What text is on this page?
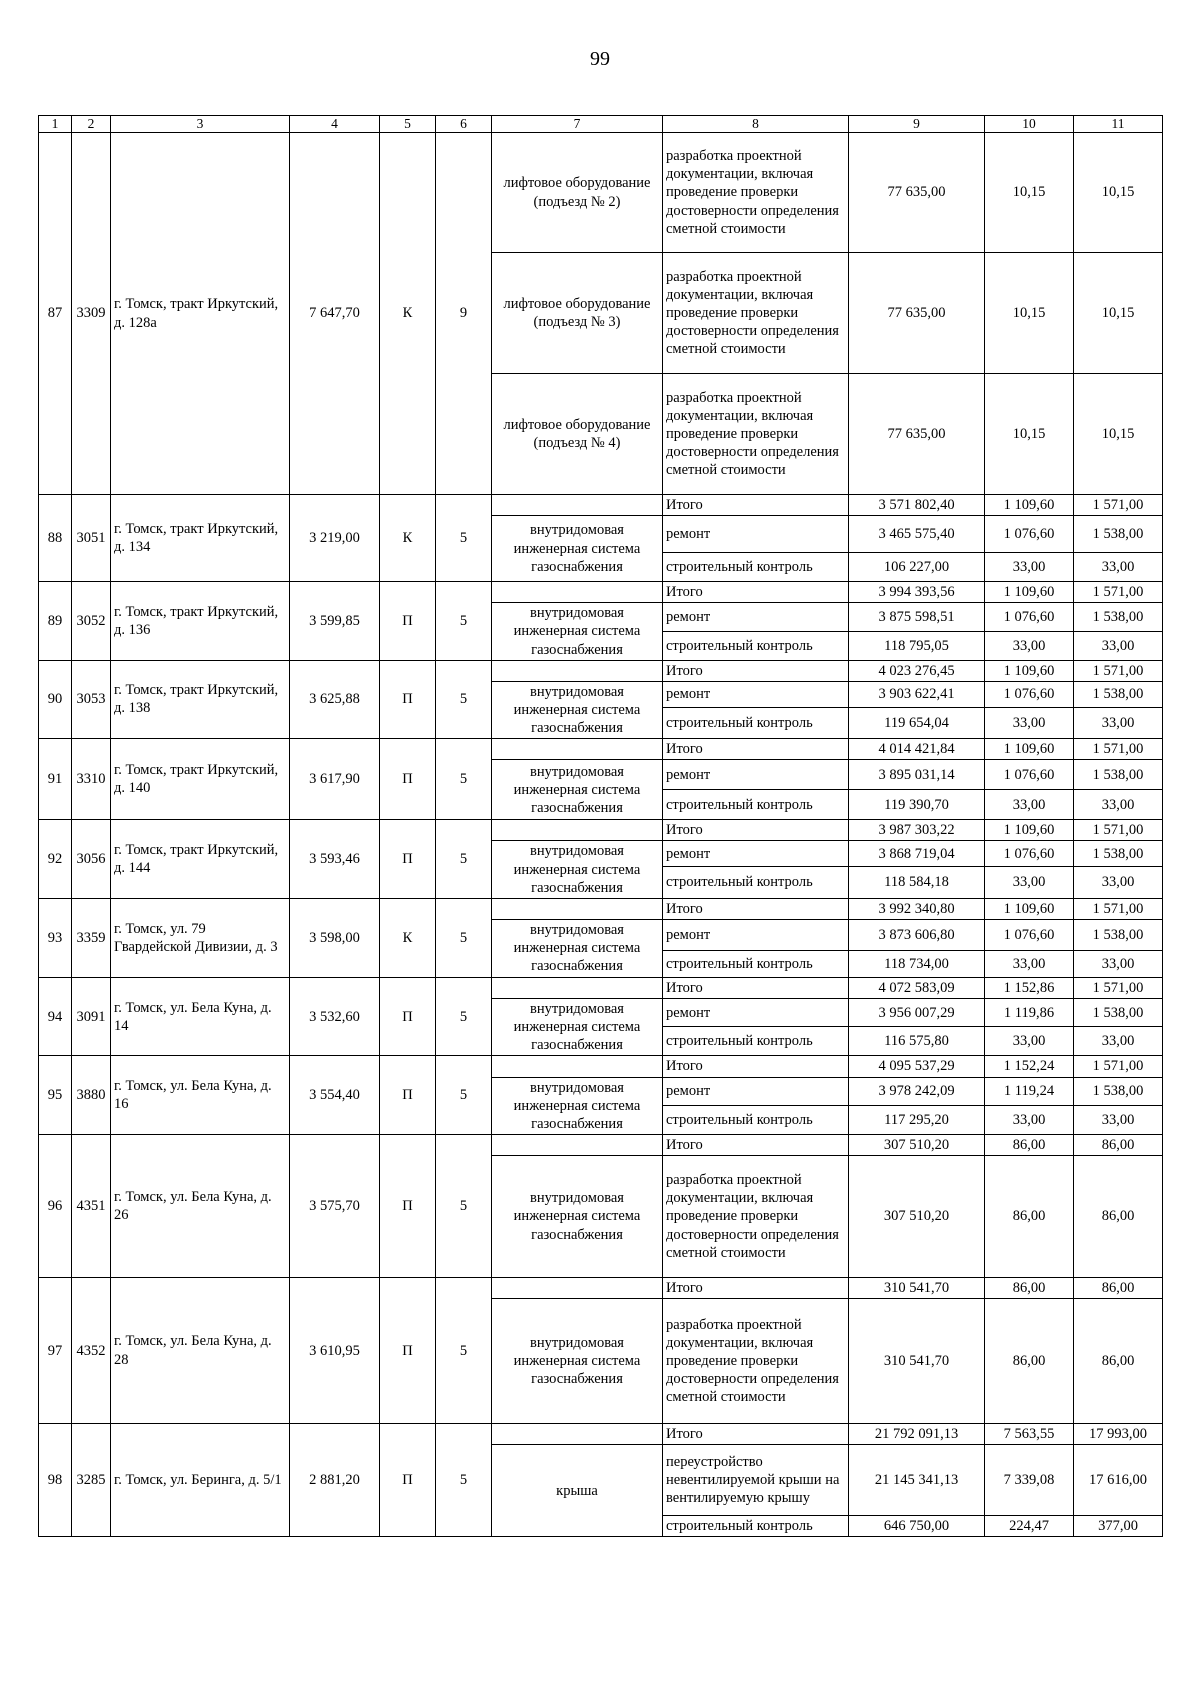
99
1	2	3	4	5	6	7	8	9	10	11
87	3309	г. Томск, тракт Иркутский, д. 128а	7 647,70	К	9	лифтовое оборудование (подъезд № 2)	разработка проектной документации, включая проведение проверки достоверности определения сметной стоимости	77 635,00	10,15	10,15
						лифтовое оборудование (подъезд № 3)	разработка проектной документации, включая проведение проверки достоверности определения сметной стоимости	77 635,00	10,15	10,15
						лифтовое оборудование (подъезд № 4)	разработка проектной документации, включая проведение проверки достоверности определения сметной стоимости	77 635,00	10,15	10,15
88	3051	г. Томск, тракт Иркутский, д. 134	3 219,00	К	5		Итого	3 571 802,40	1 109,60	1 571,00
						внутридомовая инженерная система газоснабжения	ремонт	3 465 575,40	1 076,60	1 538,00
							строительный контроль	106 227,00	33,00	33,00
89	3052	г. Томск, тракт Иркутский, д. 136	3 599,85	П	5		Итого	3 994 393,56	1 109,60	1 571,00
						внутридомовая инженерная система газоснабжения	ремонт	3 875 598,51	1 076,60	1 538,00
							строительный контроль	118 795,05	33,00	33,00
90	3053	г. Томск, тракт Иркутский, д. 138	3 625,88	П	5		Итого	4 023 276,45	1 109,60	1 571,00
						внутридомовая инженерная система газоснабжения	ремонт	3 903 622,41	1 076,60	1 538,00
							строительный контроль	119 654,04	33,00	33,00
91	3310	г. Томск, тракт Иркутский, д. 140	3 617,90	П	5		Итого	4 014 421,84	1 109,60	1 571,00
						внутридомовая инженерная система газоснабжения	ремонт	3 895 031,14	1 076,60	1 538,00
							строительный контроль	119 390,70	33,00	33,00
92	3056	г. Томск, тракт Иркутский, д. 144	3 593,46	П	5		Итого	3 987 303,22	1 109,60	1 571,00
						внутридомовая инженерная система газоснабжения	ремонт	3 868 719,04	1 076,60	1 538,00
							строительный контроль	118 584,18	33,00	33,00
93	3359	г. Томск, ул. 79 Гвардейской Дивизии, д. 3	3 598,00	К	5		Итого	3 992 340,80	1 109,60	1 571,00
						внутридомовая инженерная система газоснабжения	ремонт	3 873 606,80	1 076,60	1 538,00
							строительный контроль	118 734,00	33,00	33,00
94	3091	г. Томск, ул. Бела Куна, д. 14	3 532,60	П	5		Итого	4 072 583,09	1 152,86	1 571,00
						внутридомовая инженерная система газоснабжения	ремонт	3 956 007,29	1 119,86	1 538,00
							строительный контроль	116 575,80	33,00	33,00
95	3880	г. Томск, ул. Бела Куна, д. 16	3 554,40	П	5		Итого	4 095 537,29	1 152,24	1 571,00
						внутридомовая инженерная система газоснабжения	ремонт	3 978 242,09	1 119,24	1 538,00
							строительный контроль	117 295,20	33,00	33,00
96	4351	г. Томск, ул. Бела Куна, д. 26	3 575,70	П	5		Итого	307 510,20	86,00	86,00
						внутридомовая инженерная система газоснабжения	разработка проектной документации, включая проведение проверки достоверности определения сметной стоимости	307 510,20	86,00	86,00
97	4352	г. Томск, ул. Бела Куна, д. 28	3 610,95	П	5		Итого	310 541,70	86,00	86,00
						внутридомовая инженерная система газоснабжения	разработка проектной документации, включая проведение проверки достоверности определения сметной стоимости	310 541,70	86,00	86,00
98	3285	г. Томск, ул. Беринга, д. 5/1	2 881,20	П	5		Итого	21 792 091,13	7 563,55	17 993,00
						крыша	переустройство невентилируемой крыши на вентилируемую крышу	21 145 341,13	7 339,08	17 616,00
							строительный контроль	646 750,00	224,47	377,00
